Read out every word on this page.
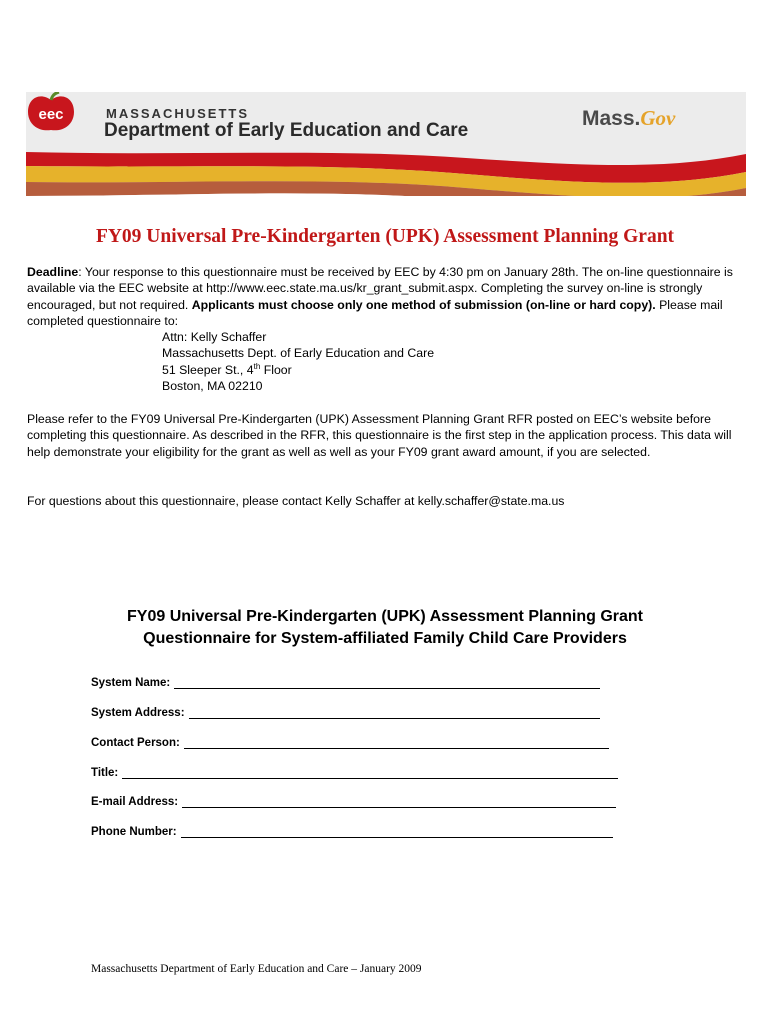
eec	MASSACHUSETTS
Department of Early Education and Care
Mass.Gov
FY09 Universal Pre-Kindergarten (UPK) Assessment Planning Grant

Deadline: Your response to this questionnaire must be received by EEC by 4:30 pm on January 28th. The on-line questionnaire is available via the EEC website at http://www.eec.state.ma.us/kr_grant_submit.aspx. Completing the survey on-line is strongly encouraged, but not required. Applicants must choose only one method of submission (on-line or hard copy). Please mail completed questionnaire to:

Attn: Kelly Schaffer
Massachusetts Dept. of Early Education and Care
51 Sleeper St., 4th Floor
Boston, MA 02210
Please refer to the FY09 Universal Pre-Kindergarten (UPK) Assessment Planning Grant RFR posted on EEC’s website before completing this questionnaire. As described in the RFR, this questionnaire is the first step in the application process. This data will help demonstrate your eligibility for the grant as well as well as your FY09 grant award amount, if you are selected.
For questions about this questionnaire, please contact Kelly Schaffer at kelly.schaffer@state.ma.us
FY09 Universal Pre-Kindergarten (UPK) Assessment Planning Grant
Questionnaire for System-affiliated Family Child Care Providers
System Name:
System Address:
Contact Person:
Title:
E-mail Address:
Phone Number:
Massachusetts Department of Early Education and Care – January 2009
